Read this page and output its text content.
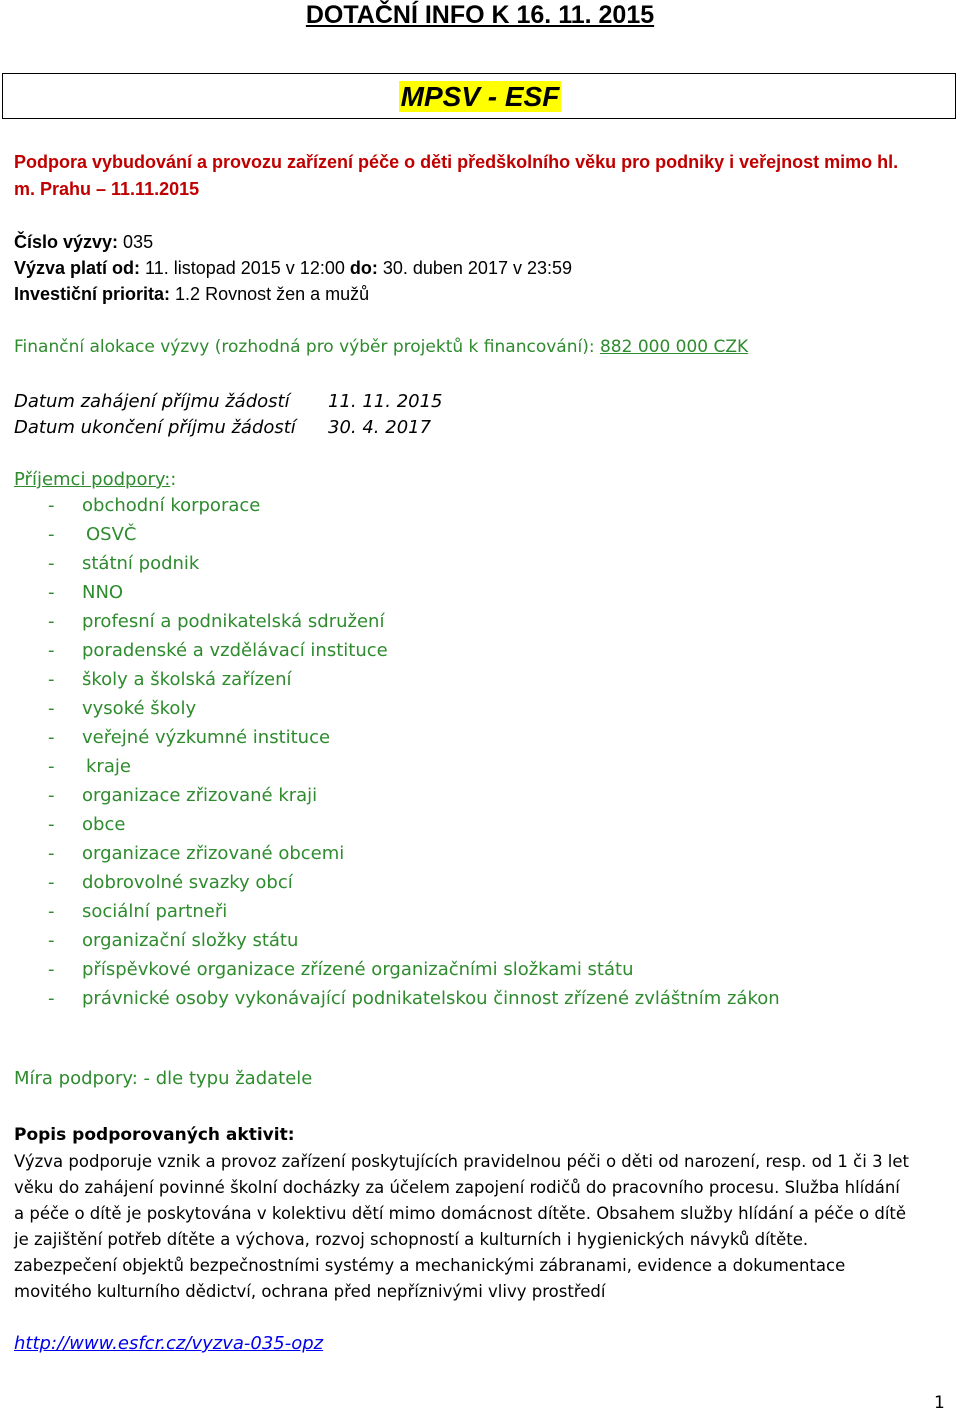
DOTAČNÍ INFO K 16. 11. 2015
MPSV - ESF
Podpora vybudování a provozu zařízení péče o děti předškolního věku pro podniky i veřejnost mimo hl.
m. Prahu – 11.11.2015
Číslo výzvy: 035
Výzva platí od: 11. listopad 2015 v 12:00 do: 30. duben 2017 v 23:59
Investiční priorita: 1.2 Rovnost žen a mužů
Finanční alokace výzvy (rozhodná pro výběr projektů k financování): 882 000 000 CZK
Datum zahájení příjmu žádostí 11. 11. 2015
Datum ukončení příjmu žádostí 30. 4. 2017
Příjemci podpory::
- obchodní korporace
- OSVČ
- státní podnik
- NNO
- profesní a podnikatelská sdružení
- poradenské a vzdělávací instituce
- školy a školská zařízení
- vysoké školy
- veřejné výzkumné instituce
- kraje
- organizace zřizované kraji
- obce
- organizace zřizované obcemi
- dobrovolné svazky obcí
- sociální partneři
- organizační složky státu
- příspěvkové organizace zřízené organizačními složkami státu
- právnické osoby vykonávající podnikatelskou činnost zřízené zvláštním zákon
Míra podpory: - dle typu žadatele
Popis podporovaných aktivit:
Výzva podporuje vznik a provoz zařízení poskytujících pravidelnou péči o děti od narození, resp. od 1 či 3 let
věku do zahájení povinné školní docházky za účelem zapojení rodičů do pracovního procesu. Služba hlídání
a péče o dítě je poskytována v kolektivu dětí mimo domácnost dítěte. Obsahem služby hlídání a péče o dítě
je zajištění potřeb dítěte a výchova, rozvoj schopností a kulturních i hygienických návyků dítěte.
zabezpečení objektů bezpečnostními systémy a mechanickými zábranami, evidence a dokumentace
movitého kulturního dědictví, ochrana před nepříznivými vlivy prostředí
http://www.esfcr.cz/vyzva-035-opz
1
